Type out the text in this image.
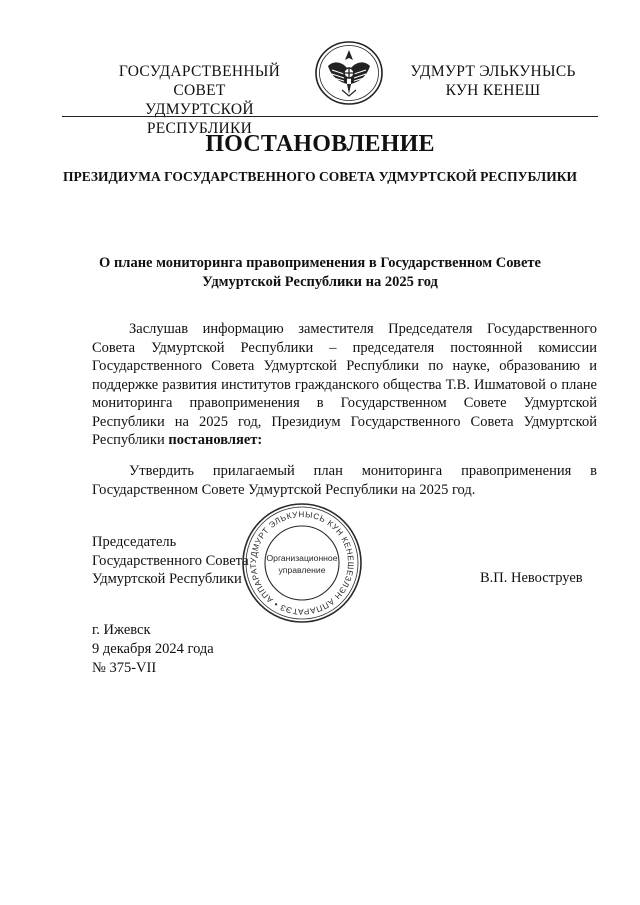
ГОСУДАРСТВЕННЫЙ СОВЕТ
УДМУРТСКОЙ РЕСПУБЛИКИ
УДМУРТ ЭЛЬКУНЫСЬ
КУН КЕНЕШ
ПОСТАНОВЛЕНИЕ
ПРЕЗИДИУМА ГОСУДАРСТВЕННОГО СОВЕТА УДМУРТСКОЙ РЕСПУБЛИКИ
О плане мониторинга правоприменения в Государственном Совете
Удмуртской Республики на 2025 год

Заслушав информацию заместителя Председателя Государственного Совета Удмуртской Республики – председателя постоянной комиссии Государственного Совета Удмуртской Республики по науке, образованию и поддержке развития институтов гражданского общества Т.В. Ишматовой о плане мониторинга правоприменения в Государственном Совете Удмуртской Республики на 2025 год, Президиум Государственного Совета Удмуртской Республики постановляет:

Утвердить прилагаемый план мониторинга правоприменения в Государственном Совете Удмуртской Республики на 2025 год.

Председатель
Государственного Совета
Удмуртской Республики	В.П. Невоструев
УДМУРТ ЭЛЬКУНЫСЬ КУН КЕНЕШЕЗЛЭН АППАРАТЭЗ • АППАРАТ
Организационное
управление
г. Ижевск
9 декабря 2024 года
№ 375-VII
